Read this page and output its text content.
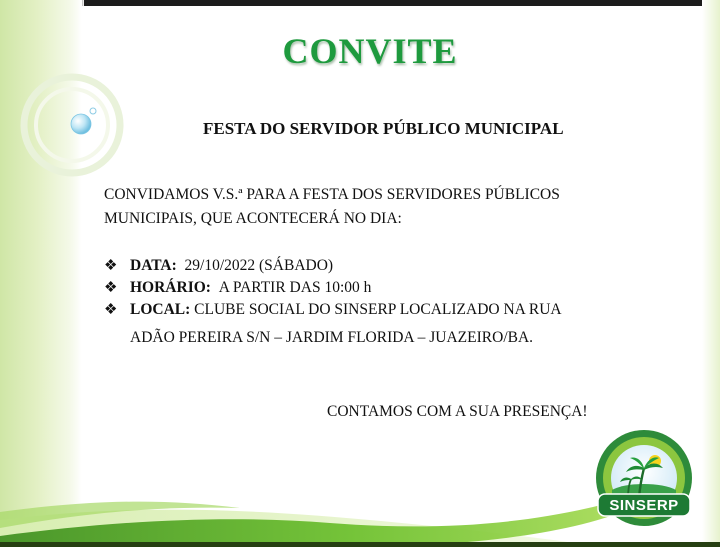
CONVITE
FESTA DO SERVIDOR PÚBLICO MUNICIPAL
CONVIDAMOS V.S.ª PARA A FESTA DOS SERVIDORES PÚBLICOS
MUNICIPAIS, QUE ACONTECERÁ NO DIA:
❖ DATA: 29/10/2022 (SÁBADO)
❖ HORÁRIO: A PARTIR DAS 10:00 h
❖ LOCAL: CLUBE SOCIAL DO SINSERP LOCALIZADO NA RUA
ADÃO PEREIRA S/N – JARDIM FLORIDA – JUAZEIRO/BA.
CONTAMOS COM A SUA PRESENÇA!
SINSERP
